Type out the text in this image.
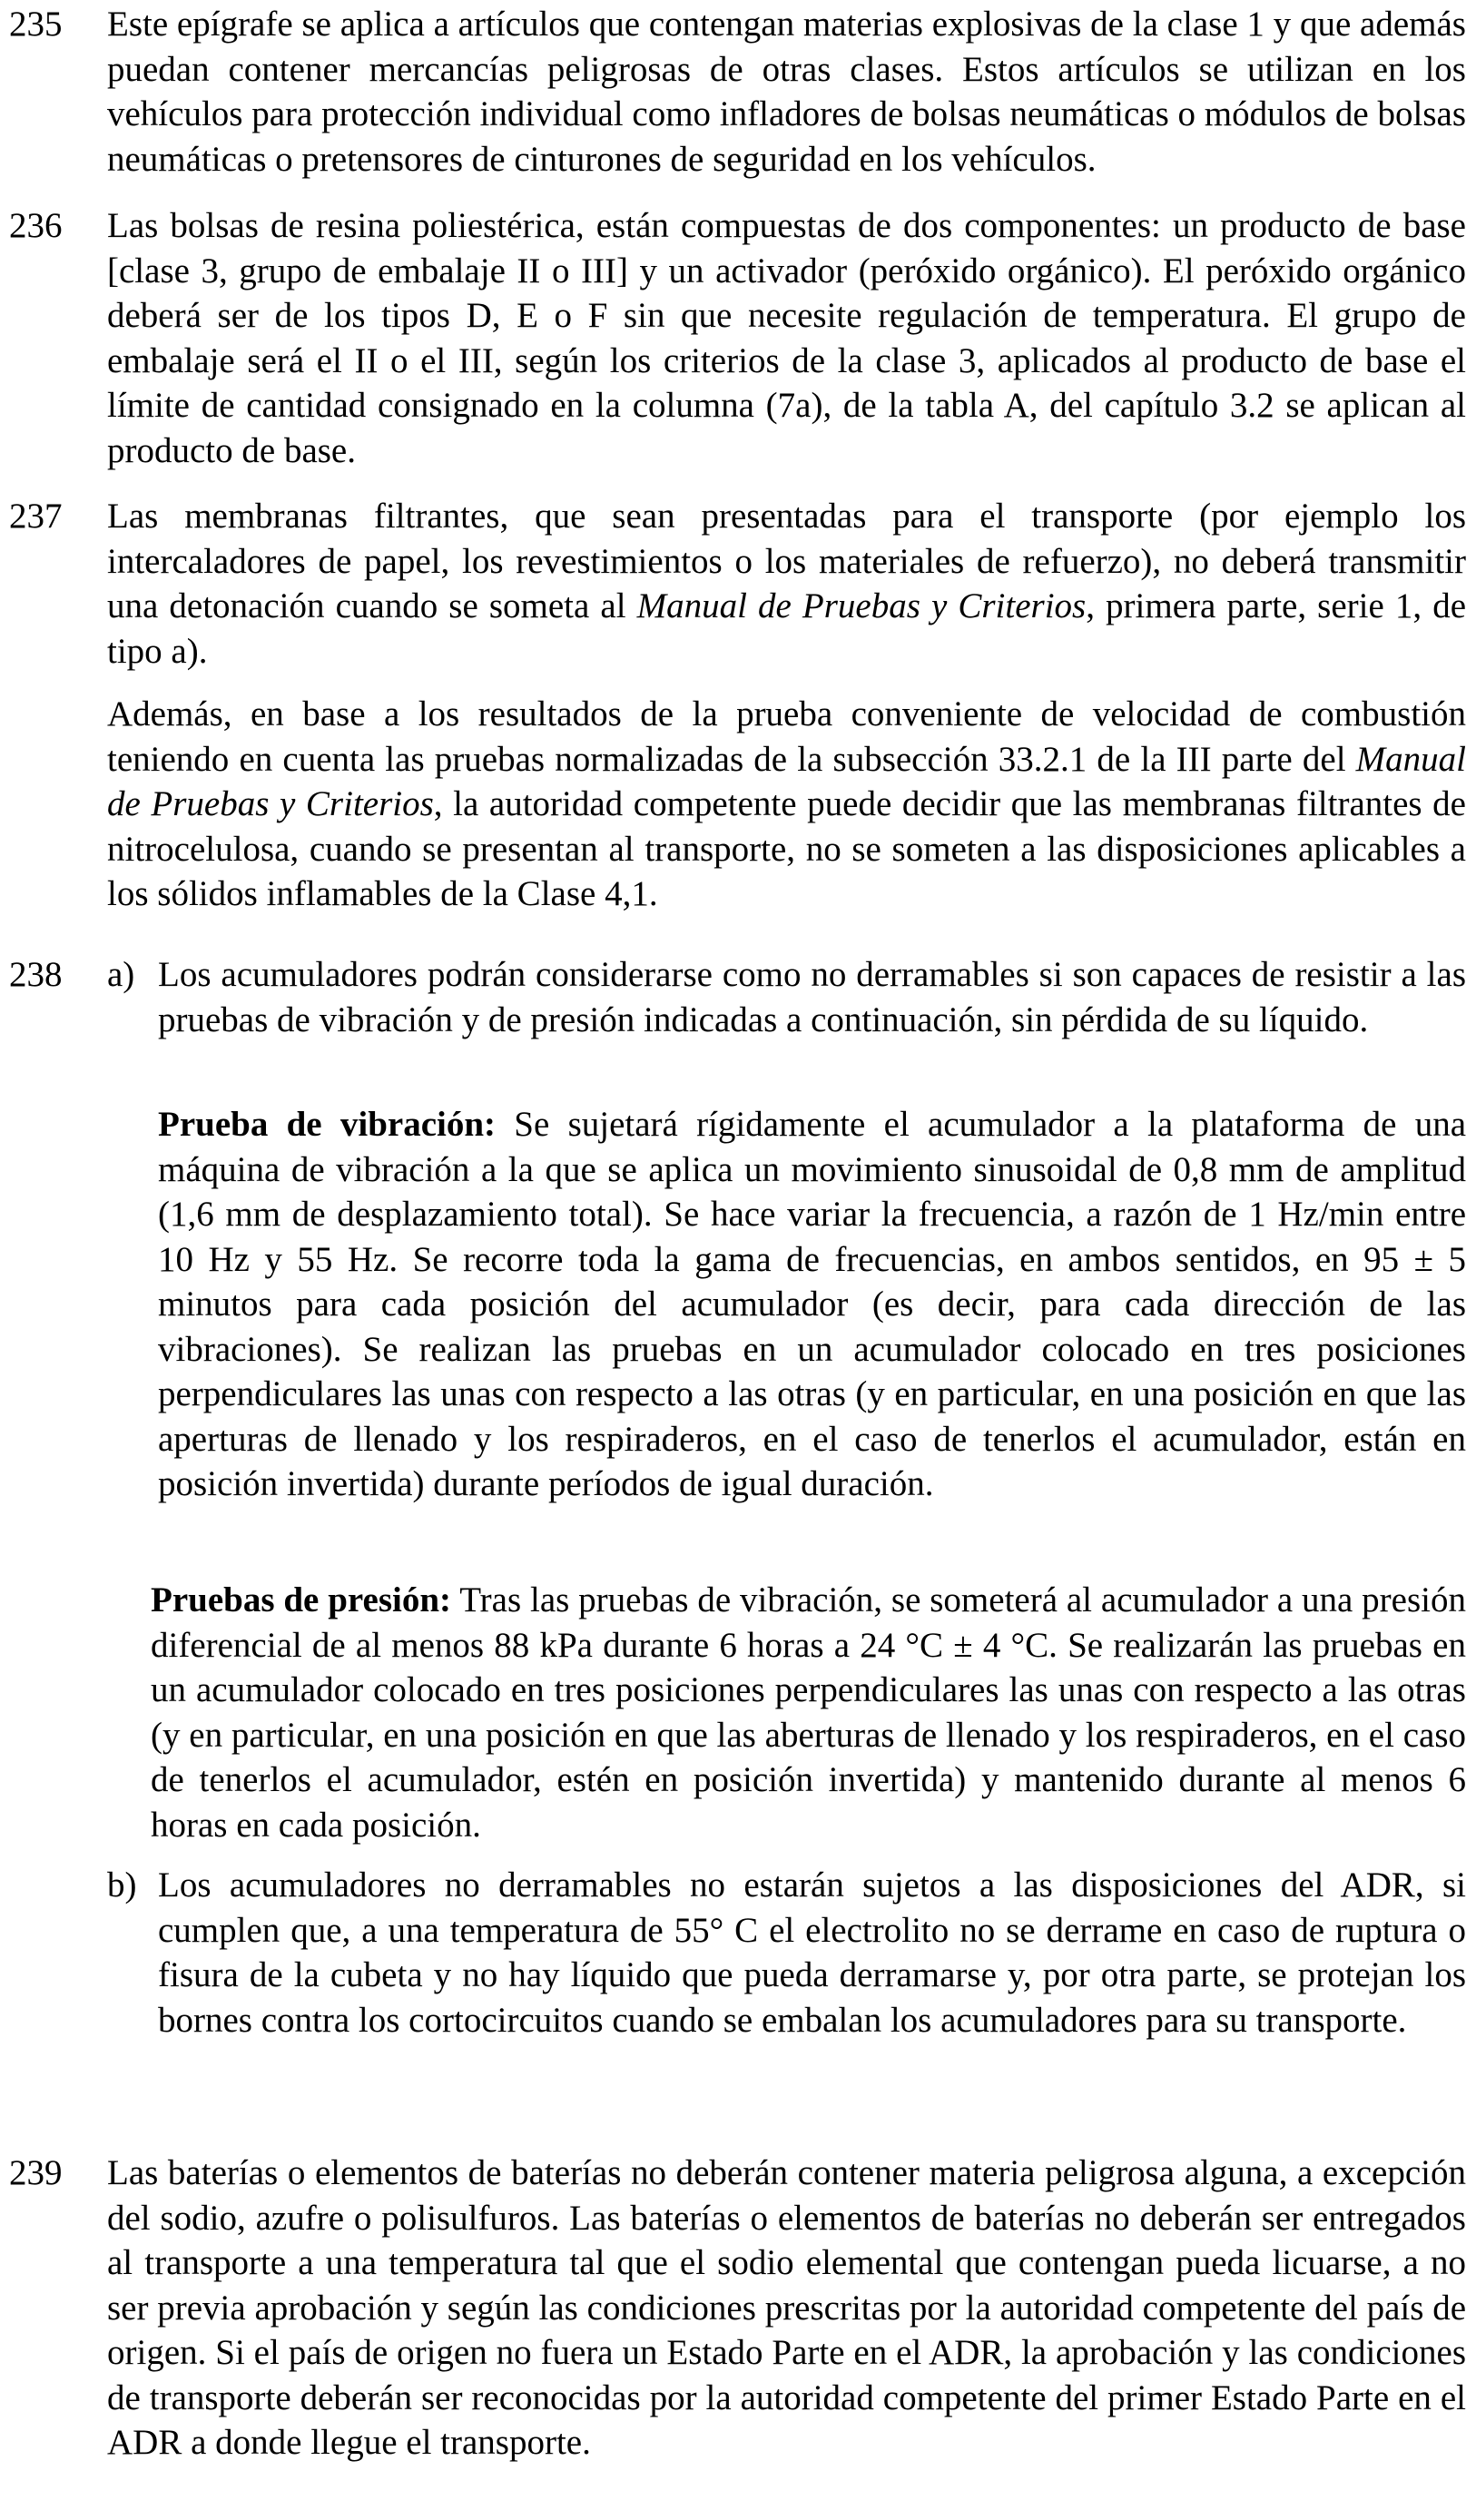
235 Este epígrafe se aplica a artículos que contengan materias explosivas de la clase 1 y que además puedan contener mercancías peligrosas de otras clases. Estos artículos se utilizan en los vehículos para protección individual como infladores de bolsas neumáticas o módulos de bolsas neumáticas o pretensores de cinturones de seguridad en los vehículos.
236 Las bolsas de resina poliestérica, están compuestas de dos componentes: un producto de base [clase 3, grupo de embalaje II o III] y un activador (peróxido orgánico). El peróxido orgánico deberá ser de los tipos D, E o F sin que necesite regulación de temperatura. El grupo de embalaje será el II o el III, según los criterios de la clase 3, aplicados al producto de base el límite de cantidad consignado en la columna (7a), de la tabla A, del capítulo 3.2 se aplican al producto de base.
237 Las membranas filtrantes, que sean presentadas para el transporte (por ejemplo los intercaladores de papel, los revestimientos o los materiales de refuerzo), no deberá transmitir una detonación cuando se someta al Manual de Pruebas y Criterios, primera parte, serie 1, de tipo a).
Además, en base a los resultados de la prueba conveniente de velocidad de combustión teniendo en cuenta las pruebas normalizadas de la subsección 33.2.1 de la III parte del Manual de Pruebas y Criterios, la autoridad competente puede decidir que las membranas filtrantes de nitrocelulosa, cuando se presentan al transporte, no se someten a las disposiciones aplicables a los sólidos inflamables de la Clase 4,1.
238 a) Los acumuladores podrán considerarse como no derramables si son capaces de resistir a las pruebas de vibración y de presión indicadas a continuación, sin pérdida de su líquido.
Prueba de vibración: Se sujetará rígidamente el acumulador a la plataforma de una máquina de vibración a la que se aplica un movimiento sinusoidal de 0,8 mm de amplitud (1,6 mm de desplazamiento total). Se hace variar la frecuencia, a razón de 1 Hz/min entre 10 Hz y 55 Hz. Se recorre toda la gama de frecuencias, en ambos sentidos, en 95 ± 5 minutos para cada posición del acumulador (es decir, para cada dirección de las vibraciones). Se realizan las pruebas en un acumulador colocado en tres posiciones perpendiculares las unas con respecto a las otras (y en particular, en una posición en que las aperturas de llenado y los respiraderos, en el caso de tenerlos el acumulador, están en posición invertida) durante períodos de igual duración.
Pruebas de presión: Tras las pruebas de vibración, se someterá al acumulador a una presión diferencial de al menos 88 kPa durante 6 horas a 24 °C ± 4 °C. Se realizarán las pruebas en un acumulador colocado en tres posiciones perpendiculares las unas con respecto a las otras (y en particular, en una posición en que las aberturas de llenado y los respiraderos, en el caso de tenerlos el acumulador, estén en posición invertida) y mantenido durante al menos 6 horas en cada posición.
b) Los acumuladores no derramables no estarán sujetos a las disposiciones del ADR, si cumplen que, a una temperatura de 55° C el electrolito no se derrame en caso de ruptura o fisura de la cubeta y no hay líquido que pueda derramarse y, por otra parte, se protejan los bornes contra los cortocircuitos cuando se embalan los acumuladores para su transporte.
239 Las baterías o elementos de baterías no deberán contener materia peligrosa alguna, a excepción del sodio, azufre o polisulfuros. Las baterías o elementos de baterías no deberán ser entregados al transporte a una temperatura tal que el sodio elemental que contengan pueda licuarse, a no ser previa aprobación y según las condiciones prescritas por la autoridad competente del país de origen. Si el país de origen no fuera un Estado Parte en el ADR, la aprobación y las condiciones de transporte deberán ser reconocidas por la autoridad competente del primer Estado Parte en el ADR a donde llegue el transporte.
